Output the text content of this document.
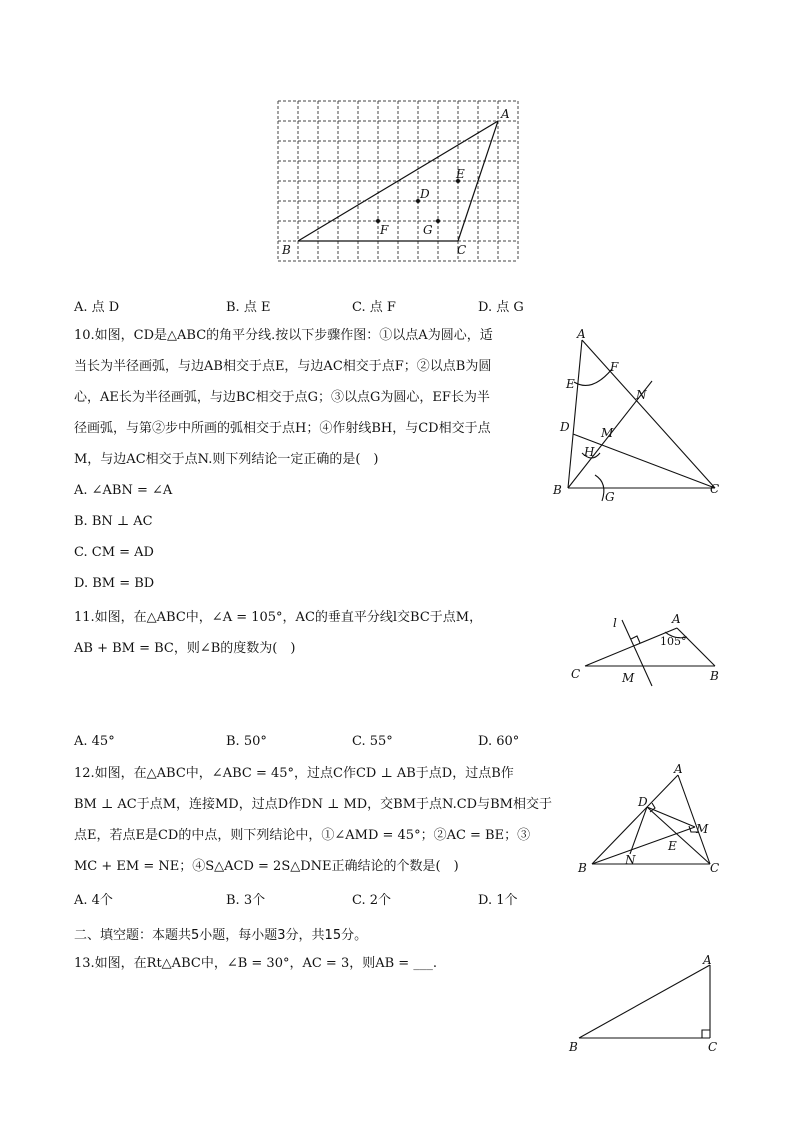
A
B	C
D
E
F	G
A. 点 D	B. 点 E	C. 点 F	D. 点 G
10.如图，CD是△ABC的角平分线.按以下步骤作图：①以点A为圆心，适
当长为半径画弧，与边AB相交于点E，与边AC相交于点F；②以点B为圆
心，AE长为半径画弧，与边BC相交于点G；③以点G为圆心，EF长为半
径画弧，与第②步中所画的弧相交于点H；④作射线BH，与CD相交于点
M，与边AC相交于点N.则下列结论一定正确的是(　)
A. ∠ABN = ∠A
B. BN ⊥ AC
C. CM = AD
D. BM = BD
A
B	C
D
E
F
G
H
M
N
11.如图，在△ABC中，∠A = 105°，AC的垂直平分线l交BC于点M，
AB + BM = BC，则∠B的度数为(　)
l	A
105°
C	M	B
A. 45°	B. 50°	C. 55°	D. 60°
12.如图，在△ABC中，∠ABC = 45°，过点C作CD ⊥ AB于点D，过点B作
BM ⊥ AC于点M，连接MD，过点D作DN ⊥ MD，交BM于点N.CD与BM相交于
点E，若点E是CD的中点，则下列结论中，①∠AMD = 45°；②AC = BE；③
MC + EM = NE；④S△ACD = 2S△DNE正确结论的个数是(　)
A
B	C
D
E
M
N
A. 4个	B. 3个	C. 2个	D. 1个
二、填空题：本题共5小题，每小题3分，共15分。
13.如图，在Rt△ABC中，∠B = 30°，AC = 3，则AB = ___.	A
B	C
